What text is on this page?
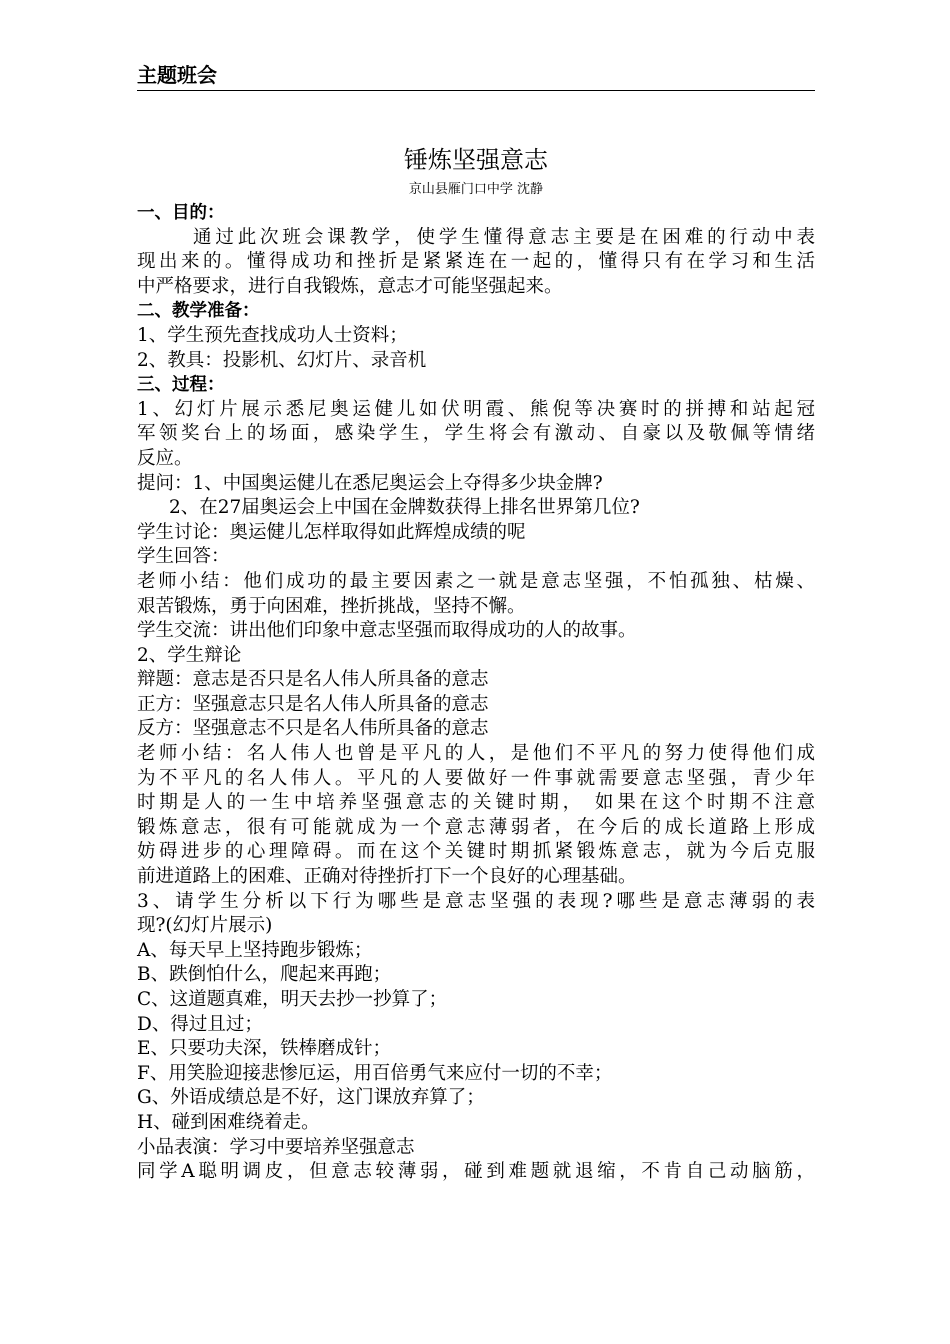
主题班会
锤炼坚强意志
京山县雁门口中学 沈静
一、目的：
通过此次班会课教学，使学生懂得意志主要是在困难的行动中表
现出来的。懂得成功和挫折是紧紧连在一起的，懂得只有在学习和生活
中严格要求，进行自我锻炼，意志才可能坚强起来。
二、教学准备：
1、学生预先查找成功人士资料；
2、教具：投影机、幻灯片、录音机
三、过程：
1、幻灯片展示悉尼奥运健儿如伏明霞、熊倪等决赛时的拼搏和站起冠
军领奖台上的场面，感染学生，学生将会有激动、自豪以及敬佩等情绪
反应。
提问：1、中国奥运健儿在悉尼奥运会上夺得多少块金牌?
2、在27届奥运会上中国在金牌数获得上排名世界第几位?
学生讨论：奥运健儿怎样取得如此辉煌成绩的呢
学生回答：
老师小结：他们成功的最主要因素之一就是意志坚强，不怕孤独、枯燥、
艰苦锻炼，勇于向困难，挫折挑战，坚持不懈。
学生交流：讲出他们印象中意志坚强而取得成功的人的故事。
2、学生辩论
辩题：意志是否只是名人伟人所具备的意志
正方：坚强意志只是名人伟人所具备的意志
反方：坚强意志不只是名人伟所具备的意志
老师小结：名人伟人也曾是平凡的人，是他们不平凡的努力使得他们成
为不平凡的名人伟人。平凡的人要做好一件事就需要意志坚强，青少年
时期是人的一生中培养坚强意志的关键时期， 如果在这个时期不注意
锻炼意志，很有可能就成为一个意志薄弱者，在今后的成长道路上形成
妨碍进步的心理障碍。而在这个关键时期抓紧锻炼意志，就为今后克服
前进道路上的困难、正确对待挫折打下一个良好的心理基础。
3、请学生分析以下行为哪些是意志坚强的表现?哪些是意志薄弱的表
现?(幻灯片展示)
A、每天早上坚持跑步锻炼；
B、跌倒怕什么，爬起来再跑；
C、这道题真难，明天去抄一抄算了；
D、得过且过；
E、只要功夫深，铁棒磨成针；
F、用笑脸迎接悲惨厄运，用百倍勇气来应付一切的不幸；
G、外语成绩总是不好，这门课放弃算了；
H、碰到困难绕着走。
小品表演：学习中要培养坚强意志
同学A聪明调皮，但意志较薄弱，碰到难题就退缩，不肯自己动脑筋，
